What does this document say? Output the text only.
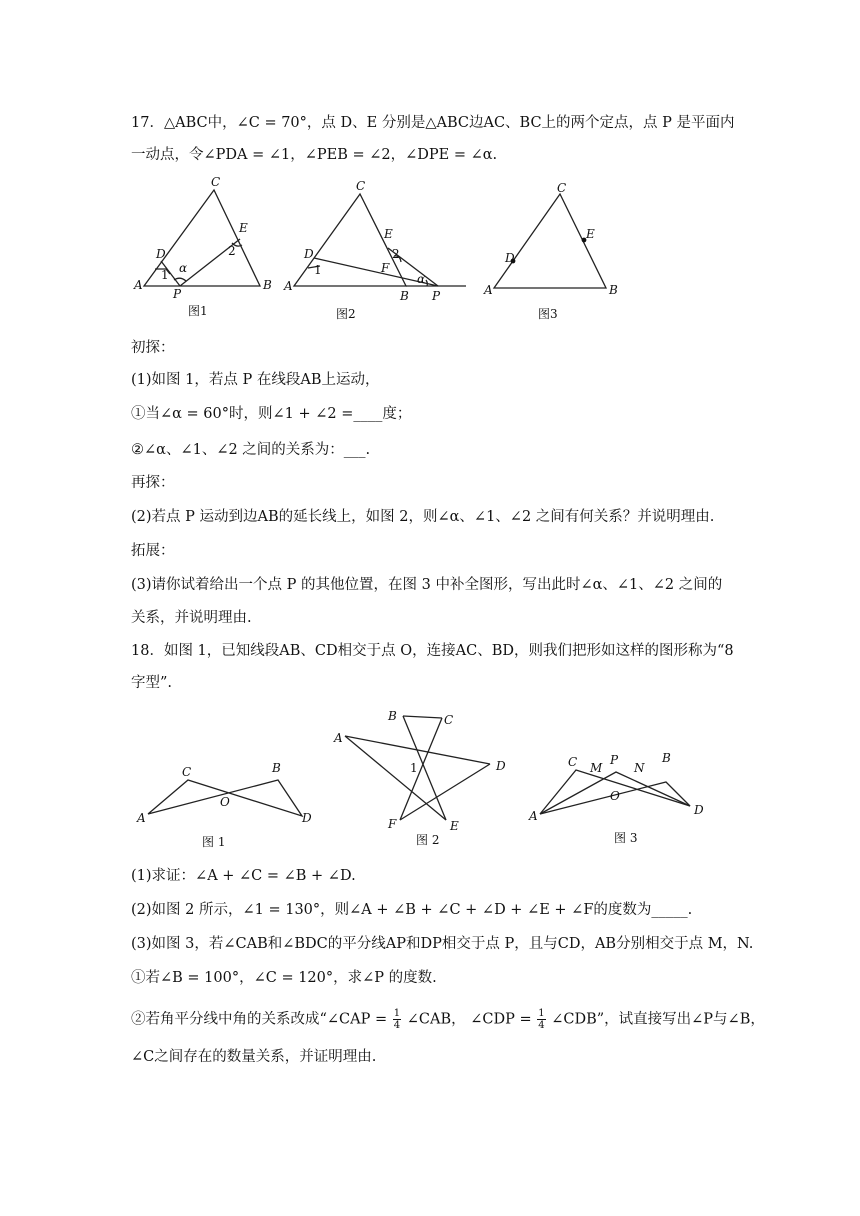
17．△ABC中，∠C = 70°，点 D、E 分别是△ABC边AC、BC上的两个定点，点 P 是平面内
一动点，令∠PDA = ∠1，∠PEB = ∠2，∠DPE = ∠α.
C
E
D
A
P
B
1 α
2
图1
C
E
D
F
A
B P
1
2
α
图2
C
E
D
A	B
图3
初探：
(1)如图 1，若点 P 在线段AB上运动，
①当∠α = 60°时，则∠1 + ∠2 =____度；
②∠α、∠1、∠2 之间的关系为：___.
再探：
(2)若点 P 运动到边AB的延长线上，如图 2，则∠α、∠1、∠2 之间有何关系？并说明理由.
拓展：
(3)请你试着给出一个点 P 的其他位置，在图 3 中补全图形，写出此时∠α、∠1、∠2 之间的
关系，并说明理由.
18．如图 1，已知线段AB、CD相交于点 O，连接AC、BD，则我们把形如这样的图形称为“8
字型”.
A
C
O
B
D
图 1
A
B	C
D
E
F
1
图 2
A
C M
P
N
B
O
D
图 3
(1)求证：∠A + ∠C = ∠B + ∠D.
(2)如图 2 所示，∠1 = 130°，则∠A + ∠B + ∠C + ∠D + ∠E + ∠F的度数为_____.
(3)如图 3，若∠CAB和∠BDC的平分线AP和DP相交于点 P，且与CD，AB分别相交于点 M，N.
①若∠B = 100°，∠C = 120°，求∠P 的度数.
②若角平分线中角的关系改成“∠CAP = $\frac{1}{4}$ ∠CAB， ∠CDP = $\frac{1}{4}$ ∠CDB”，试直接写出∠P与∠B，
∠C之间存在的数量关系，并证明理由.
